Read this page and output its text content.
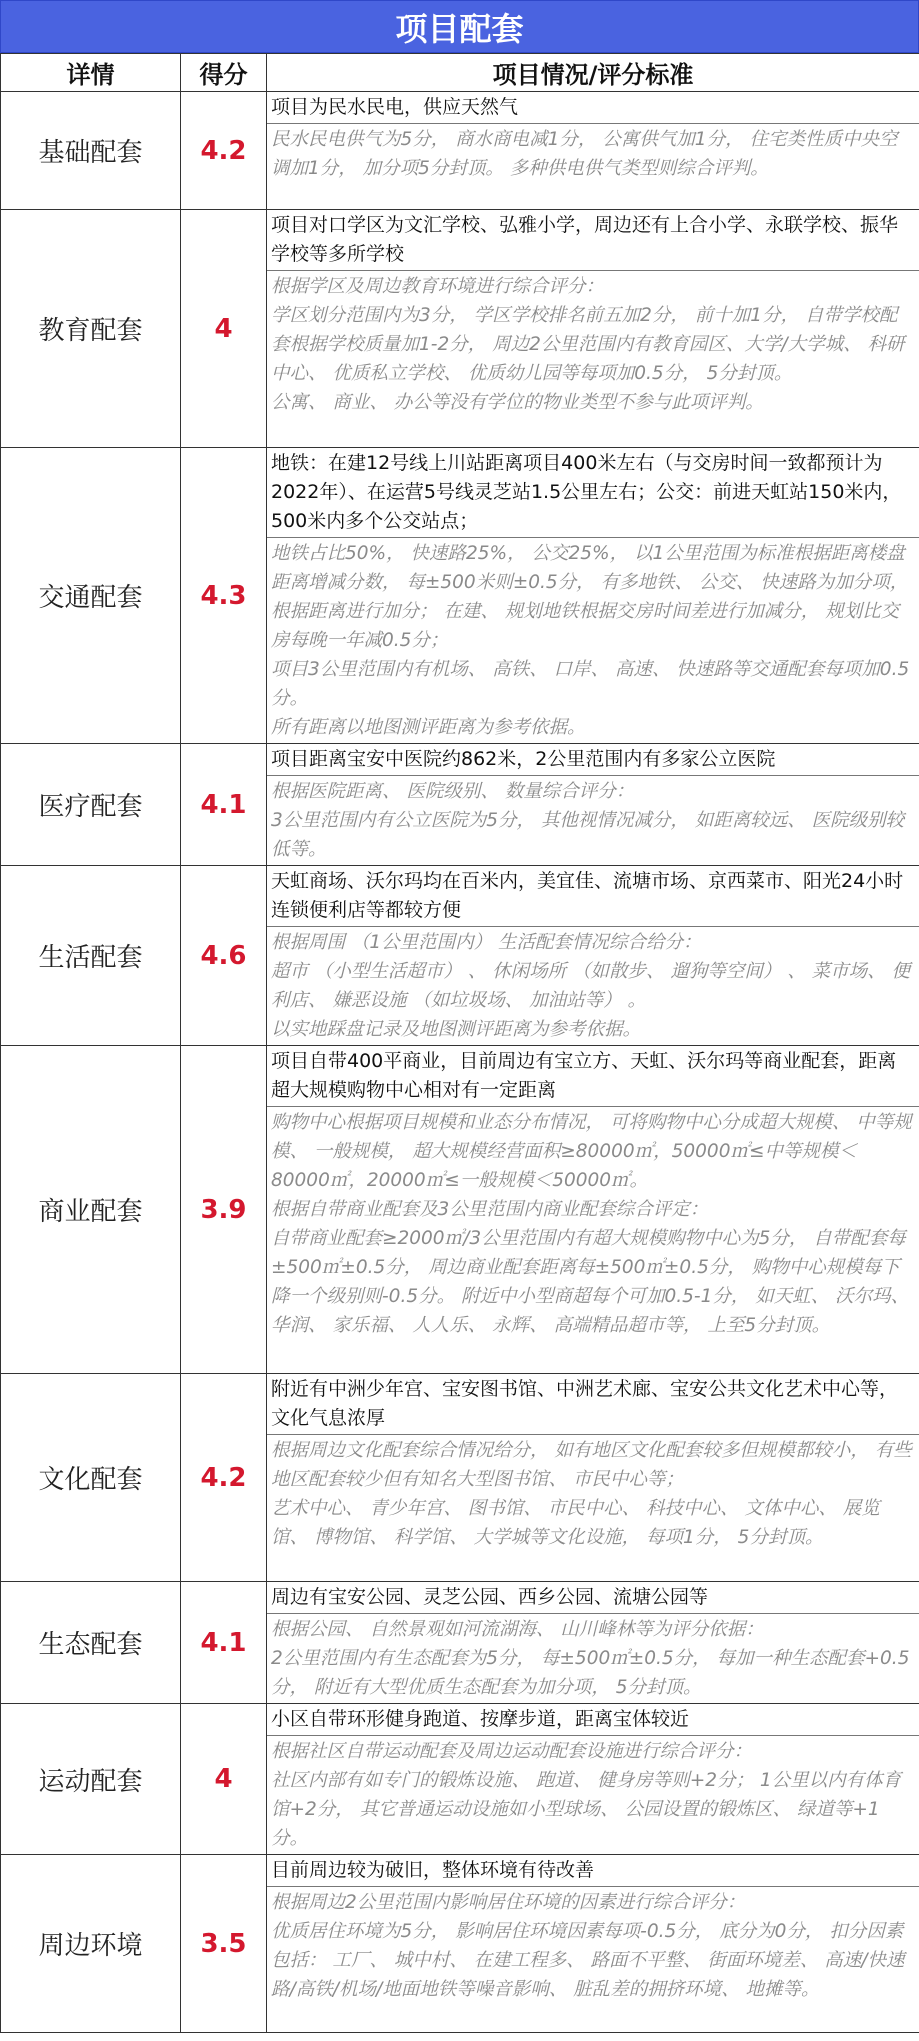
项目配套
详情	得分	项目情况/评分标准
基础配套	4.2	项目为民水民电，供应天然气

民水民电供气为5分， 商水商电减1分， 公寓供气加1分， 住宅类性质中央空调加1分， 加分项5分封顶。 多种供电供气类型则综合评判。

教育配套	4	项目对口学区为文汇学校、弘雅小学，周边还有上合小学、永联学校、振华学校等多所学校

根据学区及周边教育环境进行综合评分：

学区划分范围内为3分， 学区学校排名前五加2分， 前十加1分， 自带学校配套根据学校质量加1-2分， 周边2公里范围内有教育园区、大学/大学城、 科研中心、 优质私立学校、 优质幼儿园等每项加0.5分， 5分封顶。

公寓、 商业、 办公等没有学位的物业类型不参与此项评判。

交通配套	4.3	地铁：在建12号线上川站距离项目400米左右（与交房时间一致都预计为2022年）、在运营5号线灵芝站1.5公里左右；公交：前进天虹站150米内，500米内多个公交站点；

地铁占比50%， 快速路25%， 公交25%， 以1公里范围为标准根据距离楼盘距离增减分数， 每±500米则±0.5分， 有多地铁、 公交、 快速路为加分项， 根据距离进行加分； 在建、 规划地铁根据交房时间差进行加减分， 规划比交房每晚一年减0.5分；

项目3公里范围内有机场、 高铁、 口岸、 高速、 快速路等交通配套每项加0.5分。

所有距离以地图测评距离为参考依据。

医疗配套	4.1	项目距离宝安中医院约862米，2公里范围内有多家公立医院

根据医院距离、 医院级别、 数量综合评分：

3公里范围内有公立医院为5分， 其他视情况减分， 如距离较远、 医院级别较低等。

生活配套	4.6	天虹商场、沃尔玛均在百米内，美宜佳、流塘市场、京西菜市、阳光24小时连锁便利店等都较方便

根据周围 （1公里范围内） 生活配套情况综合给分：

超市 （小型生活超市） 、 休闲场所 （如散步、 遛狗等空间） 、 菜市场、 便利店、 嫌恶设施 （如垃圾场、 加油站等） 。

以实地踩盘记录及地图测评距离为参考依据。

商业配套	3.9	项目自带400平商业，目前周边有宝立方、天虹、沃尔玛等商业配套，距离超大规模购物中心相对有一定距离

购物中心根据项目规模和业态分布情况， 可将购物中心分成超大规模、 中等规模、 一般规模， 超大规模经营面积≥80000㎡，50000㎡≤中等规模＜80000㎡，20000㎡≤一般规模＜50000㎡。

根据自带商业配套及3公里范围内商业配套综合评定：

自带商业配套≥2000㎡/3公里范围内有超大规模购物中心为5分， 自带配套每±500㎡±0.5分， 周边商业配套距离每±500㎡±0.5分， 购物中心规模每下降一个级别则-0.5分。 附近中小型商超每个可加0.5-1分， 如天虹、 沃尔玛、 华润、 家乐福、 人人乐、 永辉、 高端精品超市等， 上至5分封顶。

文化配套	4.2	附近有中洲少年宫、宝安图书馆、中洲艺术廊、宝安公共文化艺术中心等，文化气息浓厚

根据周边文化配套综合情况给分， 如有地区文化配套较多但规模都较小， 有些地区配套较少但有知名大型图书馆、 市民中心等；

艺术中心、 青少年宫、 图书馆、 市民中心、 科技中心、 文体中心、 展览馆、 博物馆、 科学馆、 大学城等文化设施， 每项1分， 5分封顶。

生态配套	4.1	周边有宝安公园、灵芝公园、西乡公园、流塘公园等

根据公园、 自然景观如河流湖海、 山川峰林等为评分依据：

2公里范围内有生态配套为5分， 每±500㎡±0.5分， 每加一种生态配套+0.5分， 附近有大型优质生态配套为加分项， 5分封顶。

运动配套	4	小区自带环形健身跑道、按摩步道，距离宝体较近

根据社区自带运动配套及周边运动配套设施进行综合评分：

社区内部有如专门的锻炼设施、 跑道、 健身房等则+2分； 1公里以内有体育馆+2分， 其它普通运动设施如小型球场、 公园设置的锻炼区、 绿道等+1分。

周边环境	3.5	目前周边较为破旧，整体环境有待改善

根据周边2公里范围内影响居住环境的因素进行综合评分：

优质居住环境为5分， 影响居住环境因素每项-0.5分， 底分为0分， 扣分因素包括： 工厂、 城中村、 在建工程多、 路面不平整、 街面环境差、 高速/快速路/高铁/机场/地面地铁等噪音影响、 脏乱差的拥挤环境、 地摊等。
